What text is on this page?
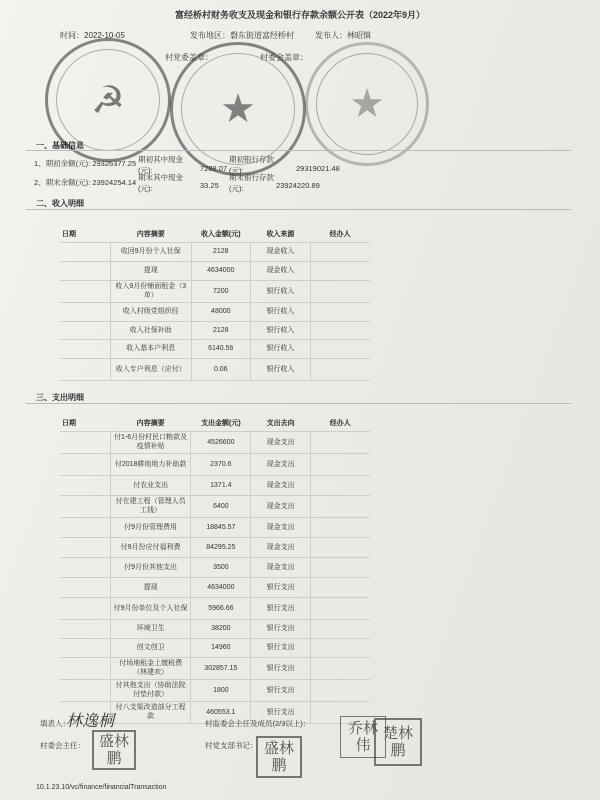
富经桥村财务收支及现金和银行存款余额公开表（2022年9月）
时间：2022-10-05	发布地区：磐东街道富经桥村	发布人：林昭慎
村党委盖章：	村委会盖章：
☭ ★ ★
一、基础信息
1、期初余额(元): 29326377.25 期初其中现金(元):	7288.07
期初银行存款(元):	29319021.48
2、期末余额(元): 23924254.14
期末其中现金(元):	33.25
期末银行存款(元):	23924220.89
二、收入明细
日期	内容摘要	收入金额(元)	收入来源	经办人
	收回9月份个人社保	2128	现金收入	
	提现	4634000	现金收入	
	收入9月份铺面租金（3单）	7200	银行收入	
	收入村级党组织经	48000	银行收入	
	收入社保补助	2128	银行收入	
	收入基本户利息	6140.56	银行收入	
	收入专户利息（应付）	0.06	银行收入	
三、支出明细
日期	内容摘要	支出金额(元)	支出去向	经办人
	付1-6月份村民口粮款及疫情补贴	4526600	现金支出	
	付2018耕地地力补助款	2370.6	现金支出	
	付农业支出	1371.4	现金支出	
	付在建工程（管理人员工钱）	6400	现金支出	
	付9月份管理费用	18845.57	现金支出	
	付9月份应付福利费	84295.25	现金支出	
	付9月份其他支出	3500	现金支出	
	提现	4634000	银行支出	
	付9月份单位及个人社保	5966.66	银行支出	
	环境卫生	38200	银行支出	
	创文创卫	14960	银行支出	
	付场地租金上缴税费（林建欢）	302857.15	银行支出	
	付其他支出（协助法院付垫付款）	1800	银行支出	
	付八支渠改造部分工程款	460553.1	银行支出	
填表人：
林逸桐
村委会主任： 盛 林
鹏
村监委会主任及成员(2/3以上)：	乔 林
伟
楚 林
鹏
村党支部书记： 盛 林
鹏
10.1.23.10/vc/finance/financialTransaction
